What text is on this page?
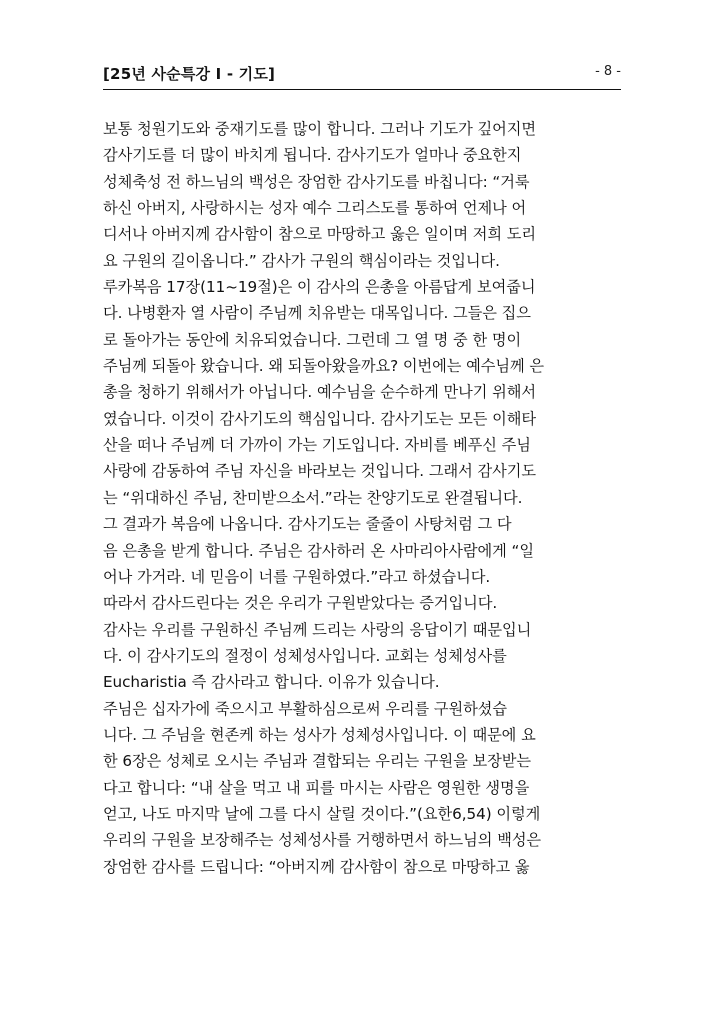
[25년 사순특강 Ⅰ - 기도]	- 8 -
보통 청원기도와 중재기도를 많이 합니다. 그러나 기도가 깊어지면
감사기도를 더 많이 바치게 됩니다. 감사기도가 얼마나 중요한지
성체축성 전 하느님의 백성은 장엄한 감사기도를 바칩니다: “거룩
하신 아버지, 사랑하시는 성자 예수 그리스도를 통하여 언제나 어
디서나 아버지께 감사함이 참으로 마땅하고 옳은 일이며 저희 도리
요 구원의 길이옵니다.” 감사가 구원의 핵심이라는 것입니다.
루카복음 17장(11~19절)은 이 감사의 은총을 아름답게 보여줍니
다. 나병환자 열 사람이 주님께 치유받는 대목입니다. 그들은 집으
로 돌아가는 동안에 치유되었습니다. 그런데 그 열 명 중 한 명이
주님께 되돌아 왔습니다. 왜 되돌아왔을까요? 이번에는 예수님께 은
총을 청하기 위해서가 아닙니다. 예수님을 순수하게 만나기 위해서
였습니다. 이것이 감사기도의 핵심입니다. 감사기도는 모든 이해타
산을 떠나 주님께 더 가까이 가는 기도입니다. 자비를 베푸신 주님
사랑에 감동하여 주님 자신을 바라보는 것입니다. 그래서 감사기도
는 “위대하신 주님, 찬미받으소서.”라는 찬양기도로 완결됩니다.
그 결과가 복음에 나옵니다. 감사기도는 줄줄이 사탕처럼 그 다
음 은총을 받게 합니다. 주님은 감사하러 온 사마리아사람에게 “일
어나 가거라. 네 믿음이 너를 구원하였다.”라고 하셨습니다.
따라서 감사드린다는 것은 우리가 구원받았다는 증거입니다.
감사는 우리를 구원하신 주님께 드리는 사랑의 응답이기 때문입니
다. 이 감사기도의 절정이 성체성사입니다. 교회는 성체성사를
Eucharistia 즉 감사라고 합니다. 이유가 있습니다.
주님은 십자가에 죽으시고 부활하심으로써 우리를 구원하셨습
니다. 그 주님을 현존케 하는 성사가 성체성사입니다. 이 때문에 요
한 6장은 성체로 오시는 주님과 결합되는 우리는 구원을 보장받는
다고 합니다: “내 살을 먹고 내 피를 마시는 사람은 영원한 생명을
얻고, 나도 마지막 날에 그를 다시 살릴 것이다.”(요한6,54) 이렇게
우리의 구원을 보장해주는 성체성사를 거행하면서 하느님의 백성은
장엄한 감사를 드립니다: “아버지께 감사함이 참으로 마땅하고 옳
